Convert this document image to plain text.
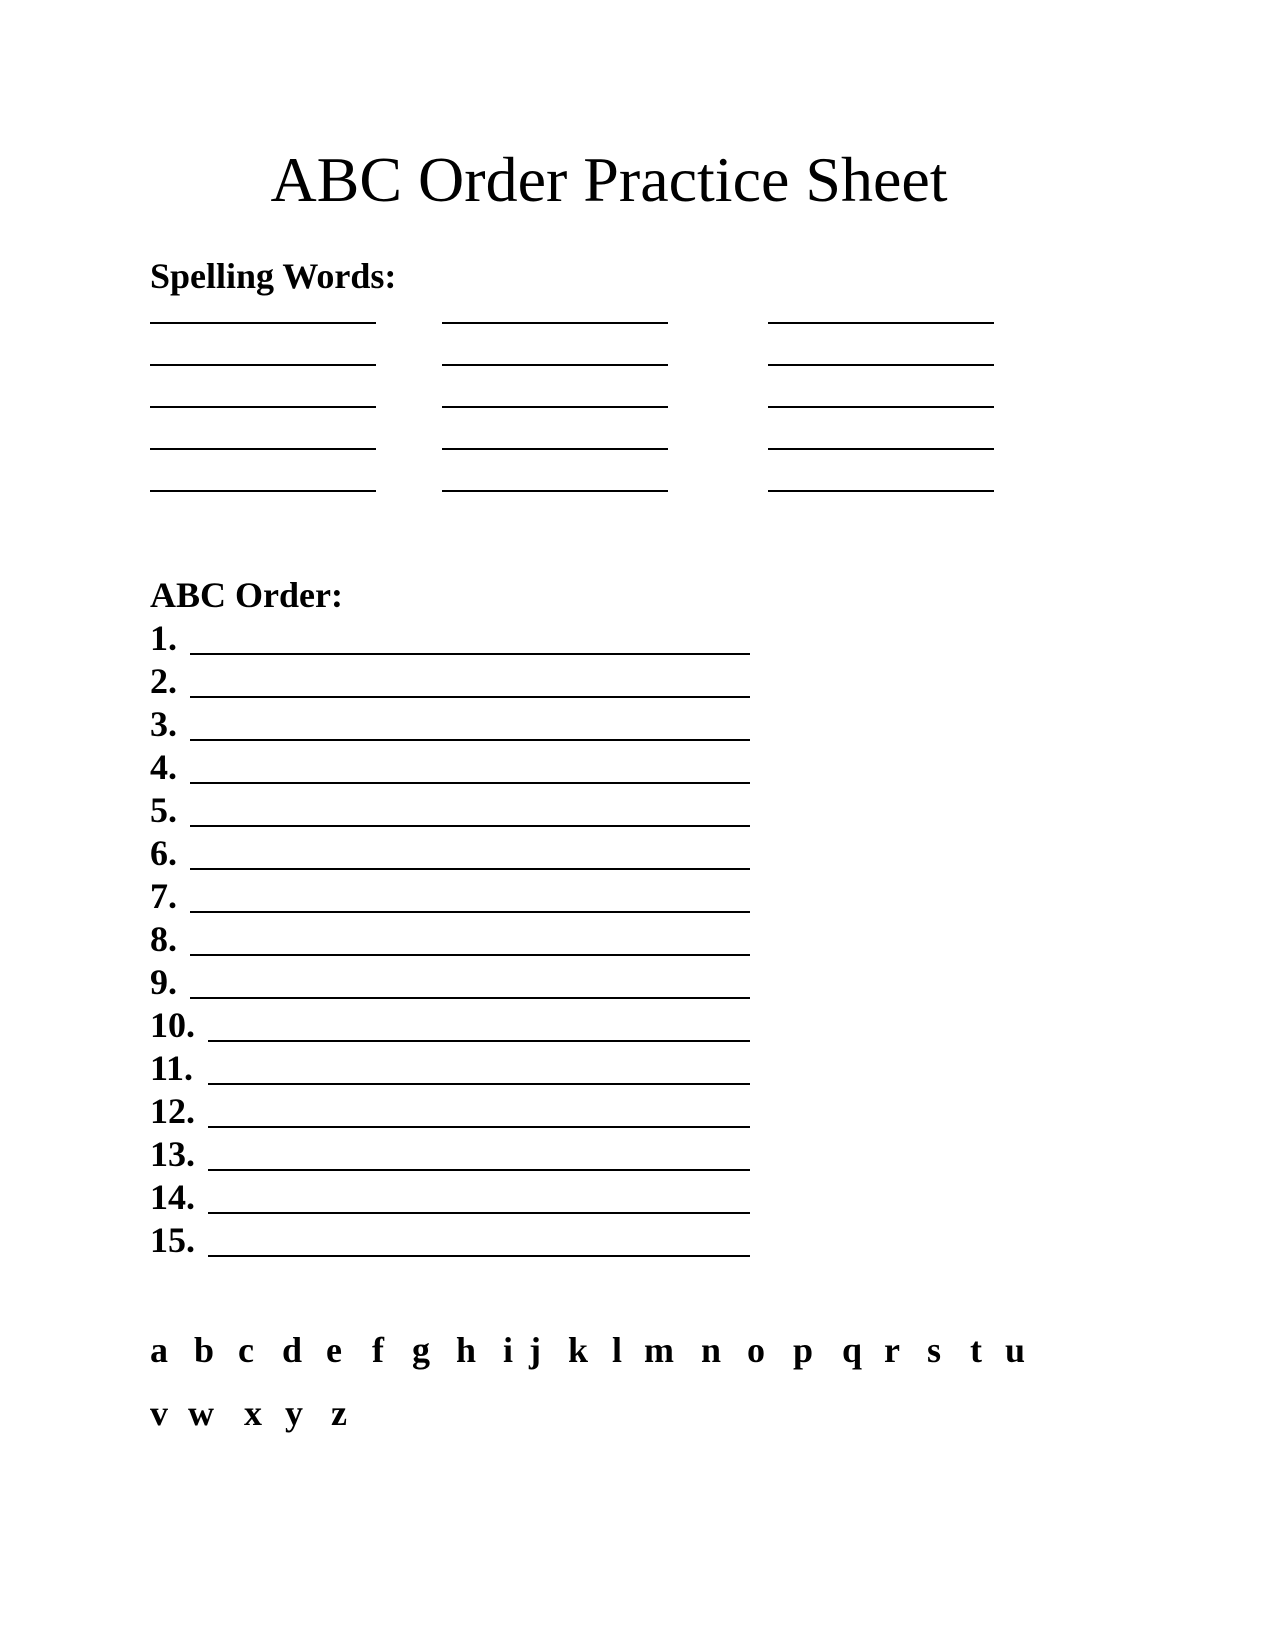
ABC Order Practice Sheet
Spelling Words:
ABC Order:
1.
2.
3.
4.
5.
6.
7.
8.
9.
10.
11.
12.
13.
14.
15.
a b c d e f g h i j k l m n o p q r s t u
v w x y z
